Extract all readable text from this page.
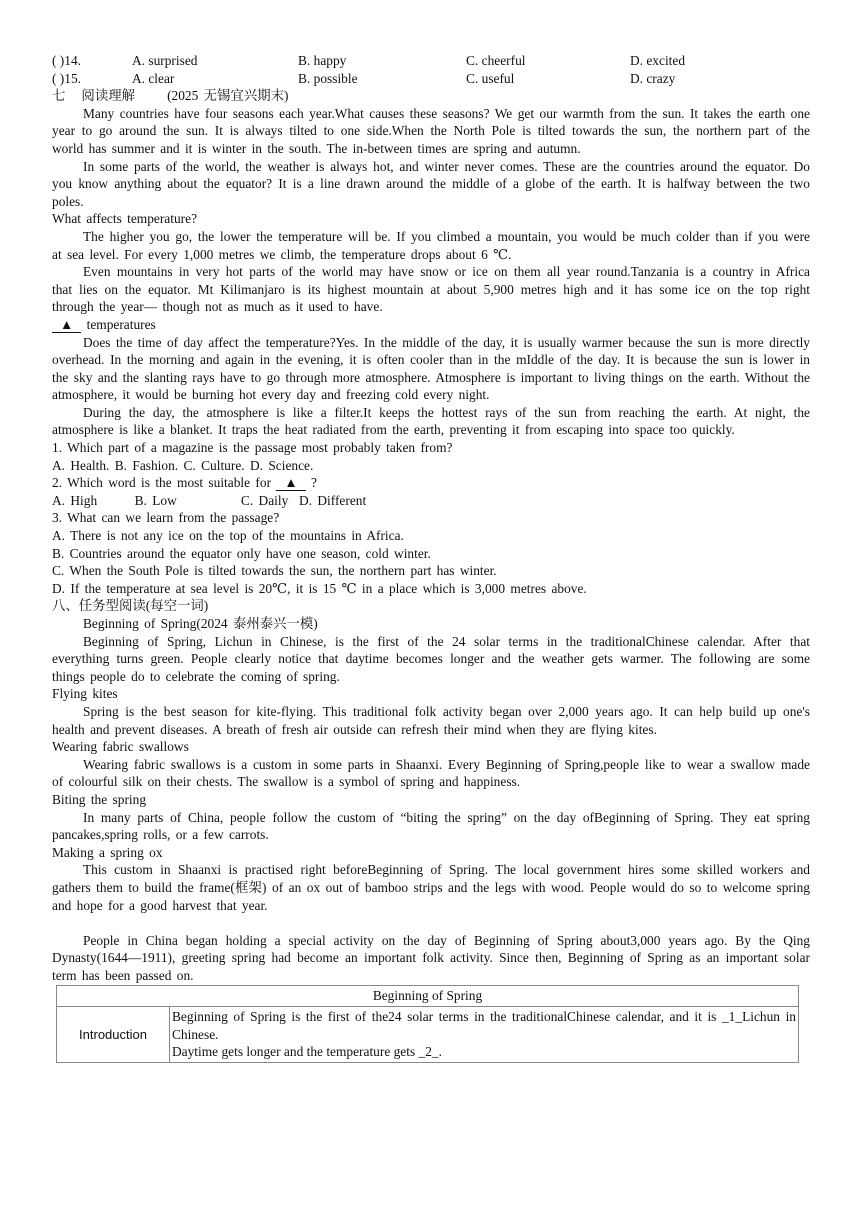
( )14.	A. surprised	B. happy	C. cheerful	D. excited
( )15.	A. clear	B. possible	C. useful	D. crazy

七   阅读理解      (2025 无锡宜兴期末)

Many countries have four seasons each year.What causes these seasons? We get our warmth from the sun. It takes the earth one year to go around the sun. It is always tilted to one side.When the North Pole is tilted towards the sun, the northern part of the world has summer and it is winter in the south. The in-between times are spring and autumn.

In some parts of the world, the weather is always hot, and winter never comes. These are the countries around the equator. Do you know anything about the equator? It is a line drawn around the middle of a globe of the earth. It is halfway between the two poles.

What affects temperature?

The higher you go, the lower the temperature will be. If you climbed a mountain, you would be much colder than if you were at sea level. For every 1,000 metres we climb, the temperature drops about 6 ℃.

Even mountains in very hot parts of the world may have snow or ice on them all year round.Tanzania is a country in Africa that lies on the equator. Mt Kilimanjaro is its highest mountain at about 5,900 metres high and it has some ice on the top right through the year— though not as much as it used to have.

▲ temperatures

Does the time of day affect the temperature?Yes. In the middle of the day, it is usually warmer because the sun is more directly overhead. In the morning and again in the evening, it is often cooler than in the mIddle of the day. It is because the sun is lower in the sky and the slanting rays have to go through more atmosphere. Atmosphere is important to living things on the earth. Without the atmosphere, it would be burning hot every day and freezing cold every night.

During the day, the atmosphere is like a filter.It keeps the hottest rays of the sun from reaching the earth. At night, the atmosphere is like a blanket. It traps the heat radiated from the earth, preventing it from escaping into space too quickly.

1. Which part of a magazine is the passage most probably taken from?

A. Health. B. Fashion. C. Culture. D. Science.

2. Which word is the most suitable for ▲ ?

A. High       B. Low            C. Daily  D. Different

3. What can we learn from the passage?

A. There is not any ice on the top of the mountains in Africa.

B. Countries around the equator only have one season, cold winter.

C. When the South Pole is tilted towards the sun, the northern part has winter.

D. If the temperature at sea level is 20℃, it is 15 ℃ in a place which is 3,000 metres above.

八、任务型阅读(每空一词)

Beginning of Spring(2024 泰州泰兴一模)

Beginning of Spring, Lichun in Chinese, is the first of the 24 solar terms in the traditionalChinese calendar. After that everything turns green. People clearly notice that daytime becomes longer and the weather gets warmer. The following are some things people do to celebrate the coming of spring.

Flying kites

Spring is the best season for kite-flying. This traditional folk activity began over 2,000 years ago. It can help build up one's health and prevent diseases. A breath of fresh air outside can refresh their mind when they are flying kites.

Wearing fabric swallows

Wearing fabric swallows is a custom in some parts in Shaanxi. Every Beginning of Spring,people like to wear a swallow made of colourful silk on their chests. The swallow is a symbol of spring and happiness.

Biting the spring

In many parts of China, people follow the custom of “biting the spring” on the day ofBeginning of Spring. They eat spring pancakes,spring rolls, or a few carrots.

Making a spring ox

This custom in Shaanxi is practised right beforeBeginning of Spring. The local government hires some skilled workers and gathers them to build the frame(框架) of an ox out of bamboo strips and the legs with wood. People would do so to welcome spring and hope for a good harvest that year.

People in China began holding a special activity on the day of Beginning of Spring about3,000 years ago. By the Qing Dynasty(1644—1911), greeting spring had become an important folk activity. Since then, Beginning of Spring as an important solar term has been passed on.

Beginning of Spring
Introduction	
Beginning of Spring is the first of the24 solar terms in the traditionalChinese calendar, and it is _1_Lichun in Chinese.
Daytime gets longer and the temperature gets _2_.
